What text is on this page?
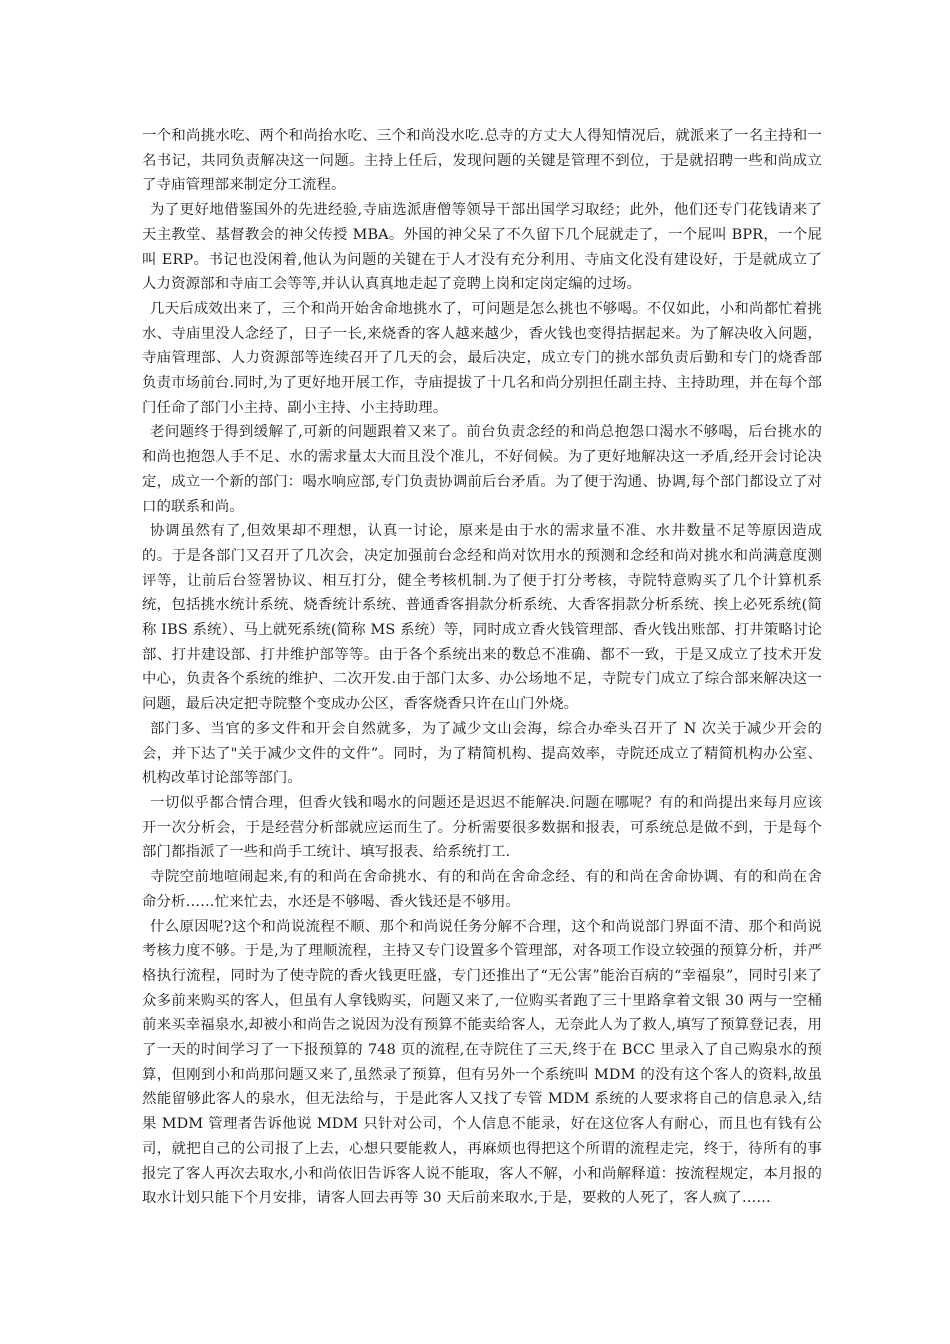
一个和尚挑水吃、两个和尚抬水吃、三个和尚没水吃.总寺的方丈大人得知情况后，就派来了一名主持和一名书记，共同负责解决这一问题。主持上任后，发现问题的关键是管理不到位，于是就招聘一些和尚成立了寺庙管理部来制定分工流程。

为了更好地借鉴国外的先进经验,寺庙选派唐僧等领导干部出国学习取经；此外，他们还专门花钱请来了天主教堂、基督教会的神父传授 MBA。外国的神父呆了不久留下几个屁就走了，一个屁叫 BPR，一个屁叫 ERP。书记也没闲着,他认为问题的关键在于人才没有充分利用、寺庙文化没有建设好，于是就成立了人力资源部和寺庙工会等等,并认认真真地走起了竞聘上岗和定岗定编的过场。

几天后成效出来了，三个和尚开始舍命地挑水了，可问题是怎么挑也不够喝。不仅如此，小和尚都忙着挑水、寺庙里没人念经了，日子一长,来烧香的客人越来越少，香火钱也变得拮据起来。为了解决收入问题，寺庙管理部、人力资源部等连续召开了几天的会，最后决定，成立专门的挑水部负责后勤和专门的烧香部负责市场前台.同时,为了更好地开展工作，寺庙提拔了十几名和尚分别担任副主持、主持助理，并在每个部门任命了部门小主持、副小主持、小主持助理。

老问题终于得到缓解了,可新的问题跟着又来了。前台负责念经的和尚总抱怨口渴水不够喝，后台挑水的和尚也抱怨人手不足、水的需求量太大而且没个准儿，不好伺候。为了更好地解决这一矛盾,经开会讨论决定，成立一个新的部门：喝水响应部,专门负责协调前后台矛盾。为了便于沟通、协调,每个部门都设立了对口的联系和尚。

协调虽然有了,但效果却不理想，认真一讨论，原来是由于水的需求量不准、水井数量不足等原因造成的。于是各部门又召开了几次会，决定加强前台念经和尚对饮用水的预测和念经和尚对挑水和尚满意度测评等，让前后台签署协议、相互打分，健全考核机制.为了便于打分考核，寺院特意购买了几个计算机系统，包括挑水统计系统、烧香统计系统、普通香客捐款分析系统、大香客捐款分析系统、挨上必死系统(简称 IBS 系统）、马上就死系统(简称 MS 系统）等，同时成立香火钱管理部、香火钱出账部、打井策略讨论部、打井建设部、打井维护部等等。由于各个系统出来的数总不准确、都不一致，于是又成立了技术开发中心，负责各个系统的维护、二次开发.由于部门太多、办公场地不足，寺院专门成立了综合部来解决这一问题，最后决定把寺院整个变成办公区，香客烧香只许在山门外烧。

部门多、当官的多文件和开会自然就多，为了减少文山会海，综合办牵头召开了 N 次关于减少开会的会，并下达了"关于减少文件的文件”。同时，为了精简机构、提高效率，寺院还成立了精简机构办公室、机构改革讨论部等部门。

一切似乎都合情合理，但香火钱和喝水的问题还是迟迟不能解决.问题在哪呢？有的和尚提出来每月应该开一次分析会，于是经营分析部就应运而生了。分析需要很多数据和报表，可系统总是做不到，于是每个部门都指派了一些和尚手工统计、填写报表、给系统打工.

寺院空前地喧闹起来,有的和尚在舍命挑水、有的和尚在舍命念经、有的和尚在舍命协调、有的和尚在舍命分析……忙来忙去，水还是不够喝、香火钱还是不够用。

什么原因呢?这个和尚说流程不顺、那个和尚说任务分解不合理，这个和尚说部门界面不清、那个和尚说考核力度不够。于是,为了理顺流程，主持又专门设置多个管理部，对各项工作设立较强的预算分析，并严格执行流程，同时为了使寺院的香火钱更旺盛，专门还推出了“无公害”能治百病的“幸福泉”，同时引来了众多前来购买的客人，但虽有人拿钱购买，问题又来了,一位购买者跑了三十里路拿着文银 30 两与一空桶前来买幸福泉水,却被小和尚告之说因为没有预算不能卖给客人，无奈此人为了救人,填写了预算登记表，用了一天的时间学习了一下报预算的 748 页的流程,在寺院住了三天,终于在 BCC 里录入了自己购泉水的预算，但刚到小和尚那问题又来了,虽然录了预算，但有另外一个系统叫 MDM 的没有这个客人的资料,故虽然能留够此客人的泉水，但无法给与，于是此客人又找了专管 MDM 系统的人要求将自己的信息录入,结果 MDM 管理者告诉他说 MDM 只针对公司，个人信息不能录，好在这位客人有耐心，而且也有钱有公司，就把自己的公司报了上去，心想只要能救人，再麻烦也得把这个所谓的流程走完，终于，待所有的事报完了客人再次去取水,小和尚依旧告诉客人说不能取，客人不解，小和尚解释道：按流程规定，本月报的取水计划只能下个月安排，请客人回去再等 30 天后前来取水,于是，要救的人死了，客人疯了……
